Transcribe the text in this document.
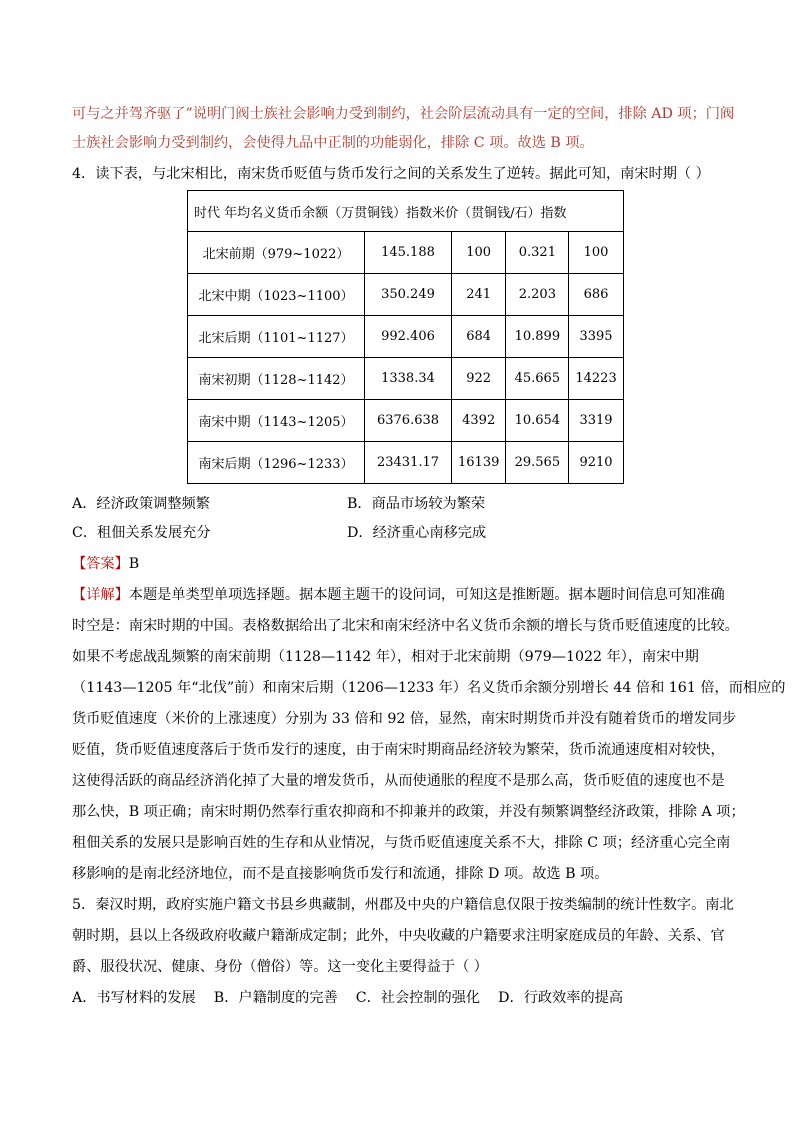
可与之并驾齐驱了”说明门阀士族社会影响力受到制约，社会阶层流动具有一定的空间，排除 AD 项；门阀
士族社会影响力受到制约，会使得九品中正制的功能弱化，排除 C 项。故选 B 项。
4．读下表，与北宋相比，南宋货币贬值与货币发行之间的关系发生了逆转。据此可知，南宋时期（ ）
时代 年均名义货币余额（万贯铜钱）指数米价（贯铜钱/石）指数				
北宋前期（979~1022）	145.188	100	0.321	100
北宋中期（1023~1100）	350.249	241	2.203	686
北宋后期（1101~1127）	992.406	684	10.899	3395
南宋初期（1128~1142）	1338.34	922	45.665	14223
南宋中期（1143~1205）	6376.638	4392	10.654	3319
南宋后期（1296~1233）	23431.17	16139	29.565	9210
A．经济政策调整频繁	B．商品市场较为繁荣
C．租佃关系发展充分	D．经济重心南移完成
【答案】B
【详解】本题是单类型单项选择题。据本题主题干的设问词，可知这是推断题。据本题时间信息可知准确
时空是：南宋时期的中国。表格数据给出了北宋和南宋经济中名义货币余额的增长与货币贬值速度的比较。
如果不考虑战乱频繁的南宋前期（1128—1142 年），相对于北宋前期（979—1022 年），南宋中期
（1143—1205 年“北伐”前）和南宋后期（1206—1233 年）名义货币余额分别增长 44 倍和 161 倍，而相应的
货币贬值速度（米价的上涨速度）分别为 33 倍和 92 倍，显然，南宋时期货币并没有随着货币的增发同步
贬值，货币贬值速度落后于货币发行的速度，由于南宋时期商品经济较为繁荣，货币流通速度相对较快，
这使得活跃的商品经济消化掉了大量的增发货币，从而使通胀的程度不是那么高，货币贬值的速度也不是
那么快，B 项正确；南宋时期仍然奉行重农抑商和不抑兼并的政策，并没有频繁调整经济政策，排除 A 项；
租佃关系的发展只是影响百姓的生存和从业情况，与货币贬值速度关系不大，排除 C 项；经济重心完全南
移影响的是南北经济地位，而不是直接影响货币发行和流通，排除 D 项。故选 B 项。
5．秦汉时期，政府实施户籍文书县乡典藏制，州郡及中央的户籍信息仅限于按类编制的统计性数字。南北
朝时期，县以上各级政府收藏户籍渐成定制；此外，中央收藏的户籍要求注明家庭成员的年龄、关系、官
爵、服役状况、健康、身份（僧俗）等。这一变化主要得益于（ ）
A．书写材料的发展    B．户籍制度的完善    C．社会控制的强化    D．行政效率的提高
